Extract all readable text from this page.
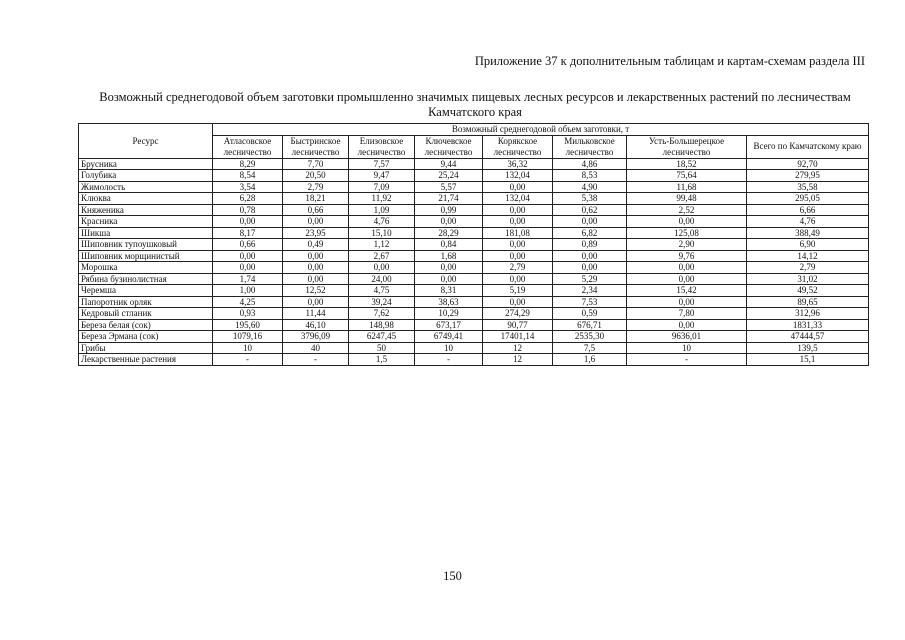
Приложение 37 к дополнительным таблицам и картам-схемам раздела III
Возможный среднегодовой объем заготовки промышленно значимых пищевых лесных ресурсов и лекарственных растений по лесничествам
Камчатского края
Ресурс	Возможный среднегодовой объем заготовки, т							
	Атласовское лесничество	Быстринское лесничество	Елизовское лесничество	Ключевское лесничество	Корякское лесничество	Мильковское лесничество	Усть-Большерецкое лесничество	Всего по Камчатскому краю
Брусника	8,29	7,70	7,57	9,44	36,32	4,86	18,52	92,70
Голубика	8,54	20,50	9,47	25,24	132,04	8,53	75,64	279,95
Жимолость	3,54	2,79	7,09	5,57	0,00	4,90	11,68	35,58
Клюква	6,28	18,21	11,92	21,74	132,04	5,38	99,48	295,05
Княженика	0,78	0,66	1,09	0,99	0,00	0,62	2,52	6,66
Красника	0,00	0,00	4,76	0,00	0,00	0,00	0,00	4,76
Шикша	8,17	23,95	15,10	28,29	181,08	6,82	125,08	388,49
Шиповник тупоушковый	0,66	0,49	1,12	0,84	0,00	0,89	2,90	6,90
Шиповник морщинистый	0,00	0,00	2,67	1,68	0,00	0,00	9,76	14,12
Морошка	0,00	0,00	0,00	0,00	2,79	0,00	0,00	2,79
Рябина бузинолистная	1,74	0,00	24,00	0,00	0,00	5,29	0,00	31,02
Черемша	1,00	12,52	4,75	8,31	5,19	2,34	15,42	49,52
Папоротник орляк	4,25	0,00	39,24	38,63	0,00	7,53	0,00	89,65
Кедровый стланик	0,93	11,44	7,62	10,29	274,29	0,59	7,80	312,96
Береза белая (сок)	195,60	46,10	148,98	673,17	90,77	676,71	0,00	1831,33
Береза Эрмана (сок)	1079,16	3796,09	6247,45	6749,41	17401,14	2535,30	9636,01	47444,57
Грибы	10	40	50	10	12	7,5	10	139,5
Лекарственные растения	-	-	1,5	-	12	1,6	-	15,1
150
